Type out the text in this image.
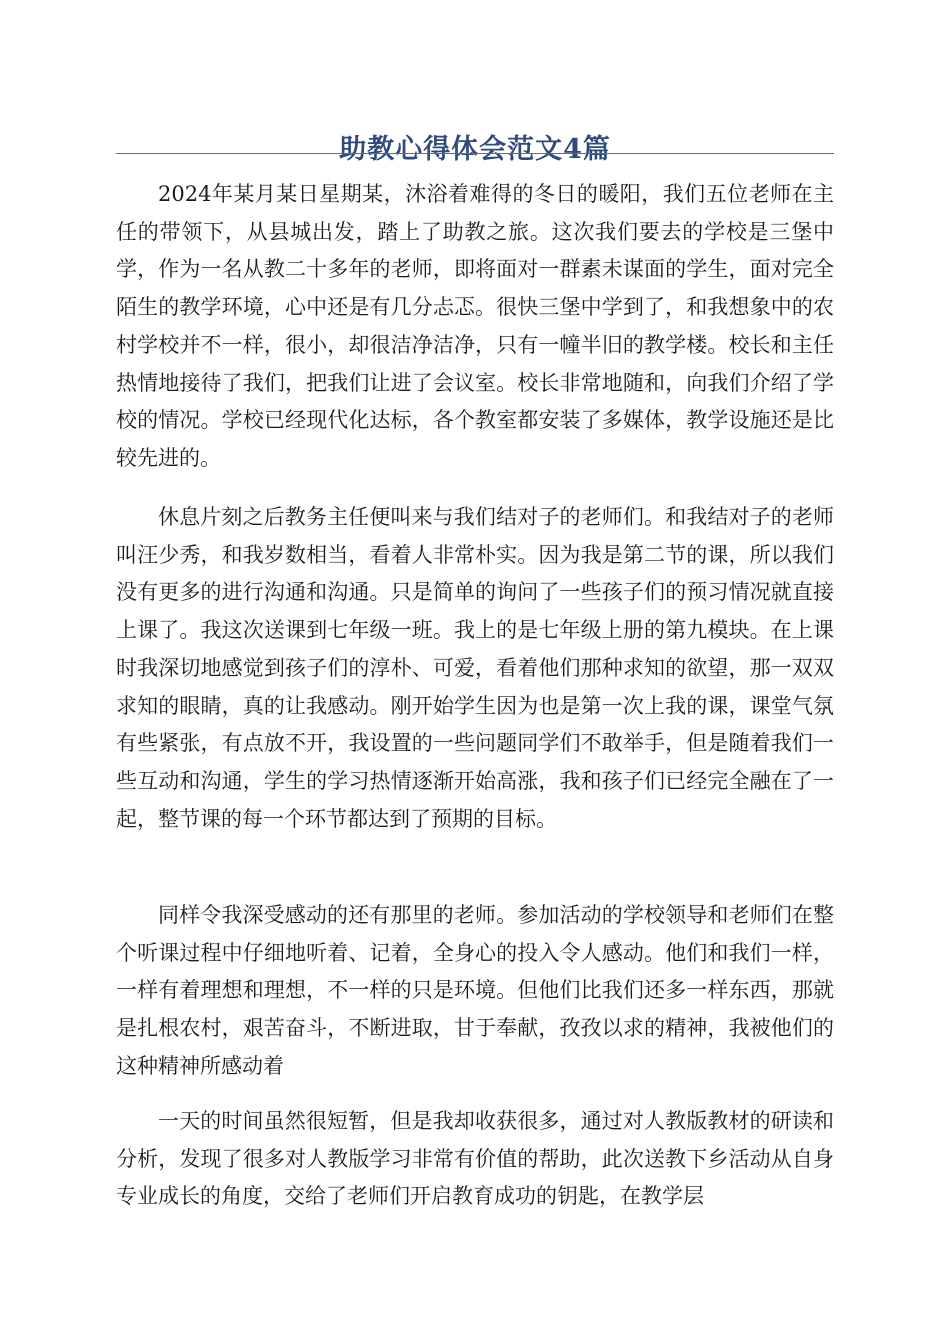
助教心得体会范文4篇

2024年某月某日星期某，沐浴着难得的冬日的暖阳，我们五位老师在主任的带领下，从县城出发，踏上了助教之旅。这次我们要去的学校是三堡中学，作为一名从教二十多年的老师，即将面对一群素未谋面的学生，面对完全陌生的教学环境，心中还是有几分忐忑。很快三堡中学到了，和我想象中的农村学校并不一样，很小，却很洁净洁净，只有一幢半旧的教学楼。校长和主任热情地接待了我们，把我们让进了会议室。校长非常地随和，向我们介绍了学校的情况。学校已经现代化达标，各个教室都安装了多媒体，教学设施还是比较先进的。

休息片刻之后教务主任便叫来与我们结对子的老师们。和我结对子的老师叫汪少秀，和我岁数相当，看着人非常朴实。因为我是第二节的课，所以我们没有更多的进行沟通和沟通。只是简单的询问了一些孩子们的预习情况就直接上课了。我这次送课到七年级一班。我上的是七年级上册的第九模块。在上课时我深切地感觉到孩子们的淳朴、可爱，看着他们那种求知的欲望，那一双双求知的眼睛，真的让我感动。刚开始学生因为也是第一次上我的课，课堂气氛有些紧张，有点放不开，我设置的一些问题同学们不敢举手，但是随着我们一些互动和沟通，学生的学习热情逐渐开始高涨，我和孩子们已经完全融在了一起，整节课的每一个环节都达到了预期的目标。

同样令我深受感动的还有那里的老师。参加活动的学校领导和老师们在整个听课过程中仔细地听着、记着，全身心的投入令人感动。他们和我们一样，一样有着理想和理想，不一样的只是环境。但他们比我们还多一样东西，那就是扎根农村，艰苦奋斗，不断进取，甘于奉献，孜孜以求的精神，我被他们的这种精神所感动着

一天的时间虽然很短暂，但是我却收获很多，通过对人教版教材的研读和分析，发现了很多对人教版学习非常有价值的帮助，此次送教下乡活动从自身专业成长的角度，交给了老师们开启教育成功的钥匙，在教学层
